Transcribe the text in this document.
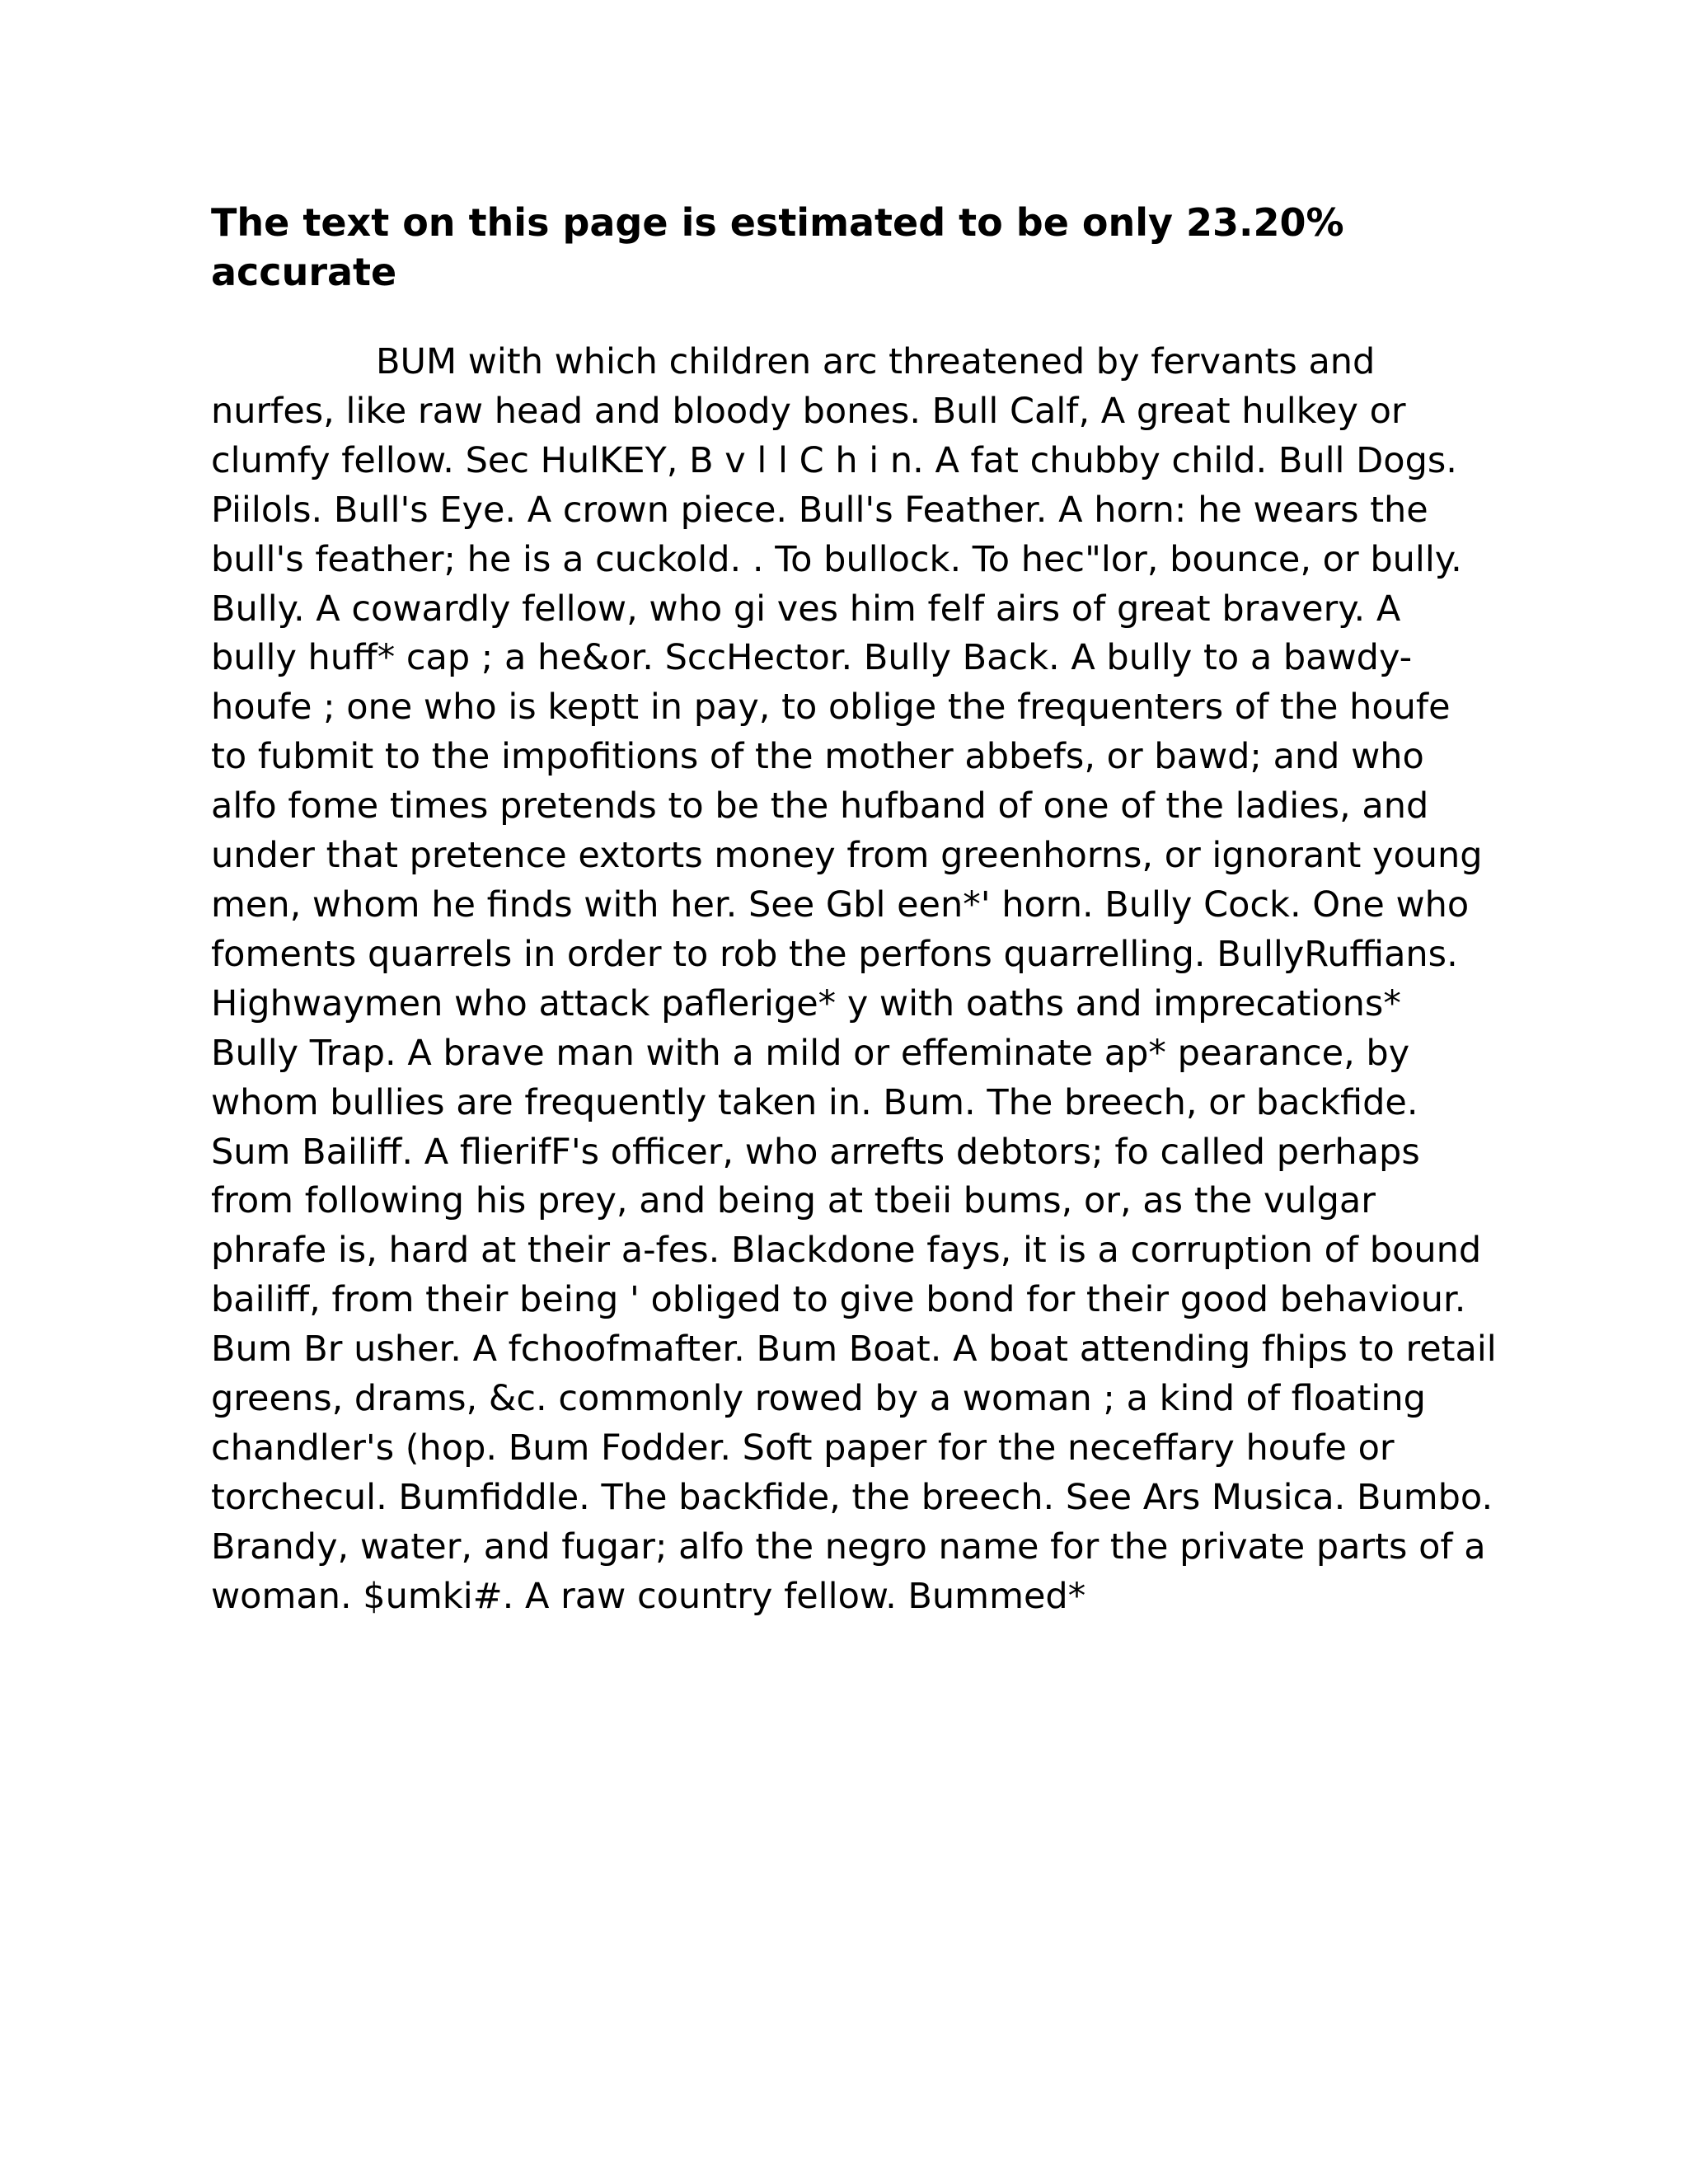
The text on this page is estimated to be only 23.20% accurate

BUM with which children arc threatened by fervants and nurfes, like raw head and bloody bones. Bull Calf, A great hulkey or clumfy fellow. Sec HulKEY, B v l l C h i n. A fat chubby child. Bull Dogs. Piilols. Bull's Eye. A crown piece. Bull's Feather. A horn: he wears the bull's feather; he is a cuckold. . To bullock. To hec"lor, bounce, or bully. Bully. A cowardly fellow, who gi ves him felf airs of great bravery. A bully huff* cap ; a he&or. SccHector. Bully Back. A bully to a bawdy-houfe ; one who is keptt in pay, to oblige the frequenters of the houfe to fubmit to the impofitions of the mother abbefs, or bawd; and who alfo fome times pretends to be the hufband of one of the ladies, and under that pretence extorts money from greenhorns, or ignorant young men, whom he finds with her. See Gbl een*' horn. Bully Cock. One who foments quarrels in order to rob the perfons quarrelling. BullyRuffians. Highwaymen who attack paflerige* y with oaths and imprecations* Bully Trap. A brave man with a mild or effeminate ap* pearance, by whom bullies are frequently taken in. Bum. The breech, or backfide. Sum Bailiff. A flierifF's officer, who arrefts debtors; fo called perhaps from following his prey, and being at tbeii bums, or, as the vulgar phrafe is, hard at their a-fes. Blackdone fays, it is a corruption of bound bailiff, from their being ' obliged to give bond for their good behaviour. Bum Br usher. A fchoofmafter. Bum Boat. A boat attending fhips to retail greens, drams, &c. commonly rowed by a woman ; a kind of floating chandler's (hop. Bum Fodder. Soft paper for the neceffary houfe or torchecul. Bumfiddle. The backfide, the breech. See Ars Musica. Bumbo. Brandy, water, and fugar; alfo the negro name for the private parts of a woman. $umki#. A raw country fellow. Bummed*
